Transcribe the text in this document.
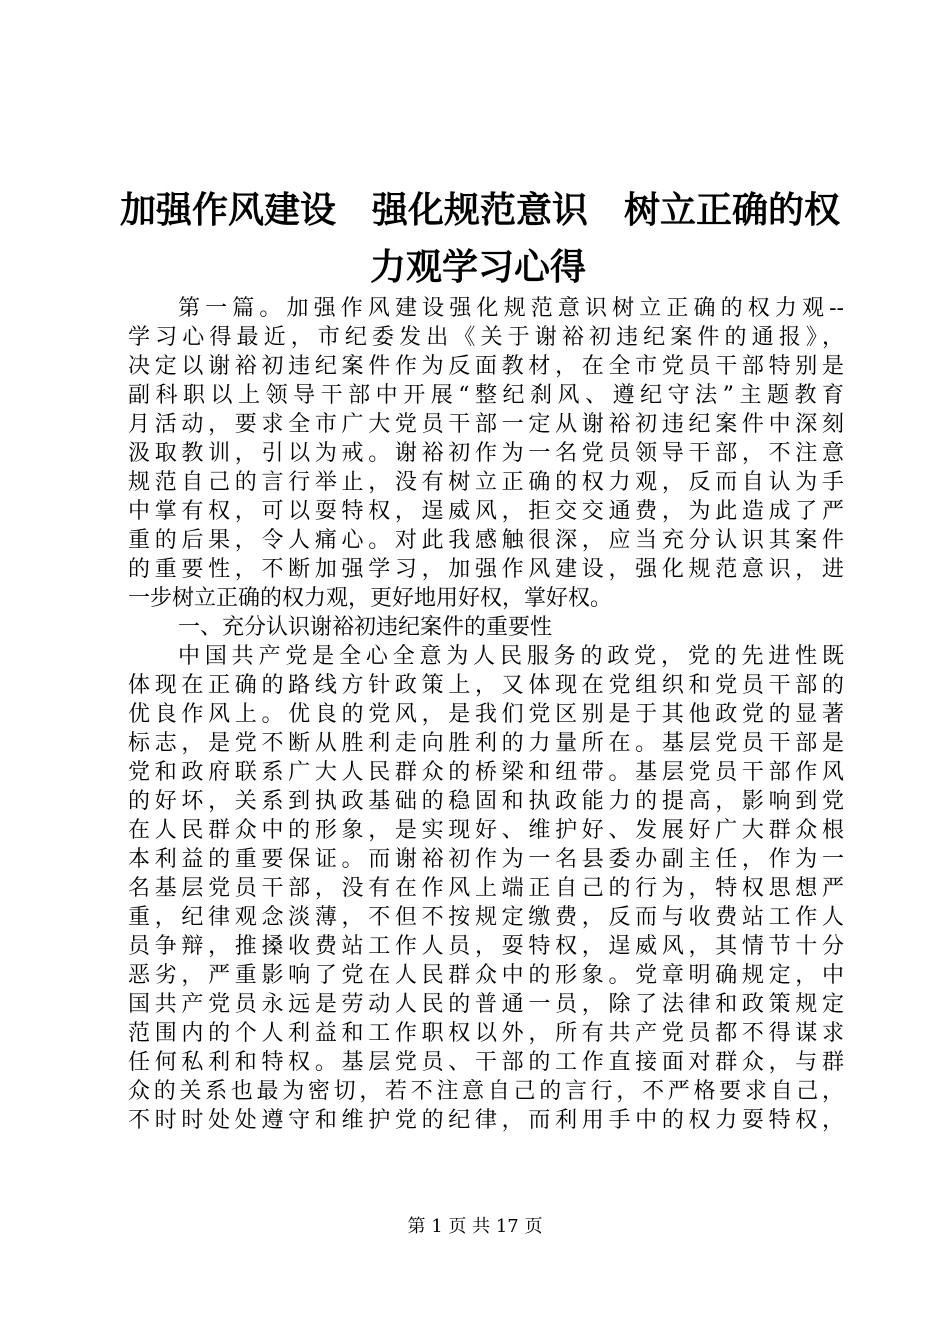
加强作风建设　强化规范意识　树立正确的权
力观学习心得
第一篇。加强作风建设强化规范意识树立正确的权力观--
学习心得最近，市纪委发出《关于谢裕初违纪案件的通报》，
决定以谢裕初违纪案件作为反面教材，在全市党员干部特别是
副科职以上领导干部中开展“整纪刹风、遵纪守法”主题教育
月活动，要求全市广大党员干部一定从谢裕初违纪案件中深刻
汲取教训，引以为戒。谢裕初作为一名党员领导干部，不注意
规范自己的言行举止，没有树立正确的权力观，反而自认为手
中掌有权，可以耍特权，逞威风，拒交交通费，为此造成了严
重的后果，令人痛心。对此我感触很深，应当充分认识其案件
的重要性，不断加强学习，加强作风建设，强化规范意识，进
一步树立正确的权力观，更好地用好权，掌好权。
一、充分认识谢裕初违纪案件的重要性
中国共产党是全心全意为人民服务的政党，党的先进性既
体现在正确的路线方针政策上，又体现在党组织和党员干部的
优良作风上。优良的党风，是我们党区别是于其他政党的显著
标志，是党不断从胜利走向胜利的力量所在。基层党员干部是
党和政府联系广大人民群众的桥梁和纽带。基层党员干部作风
的好坏，关系到执政基础的稳固和执政能力的提高，影响到党
在人民群众中的形象，是实现好、维护好、发展好广大群众根
本利益的重要保证。而谢裕初作为一名县委办副主任，作为一
名基层党员干部，没有在作风上端正自己的行为，特权思想严
重，纪律观念淡薄，不但不按规定缴费，反而与收费站工作人
员争辩，推搡收费站工作人员，耍特权，逞威风，其情节十分
恶劣，严重影响了党在人民群众中的形象。党章明确规定，中
国共产党员永远是劳动人民的普通一员，除了法律和政策规定
范围内的个人利益和工作职权以外，所有共产党员都不得谋求
任何私利和特权。基层党员、干部的工作直接面对群众，与群
众的关系也最为密切，若不注意自己的言行，不严格要求自己，
不时时处处遵守和维护党的纪律，而利用手中的权力耍特权，
第 1 页 共 17 页
